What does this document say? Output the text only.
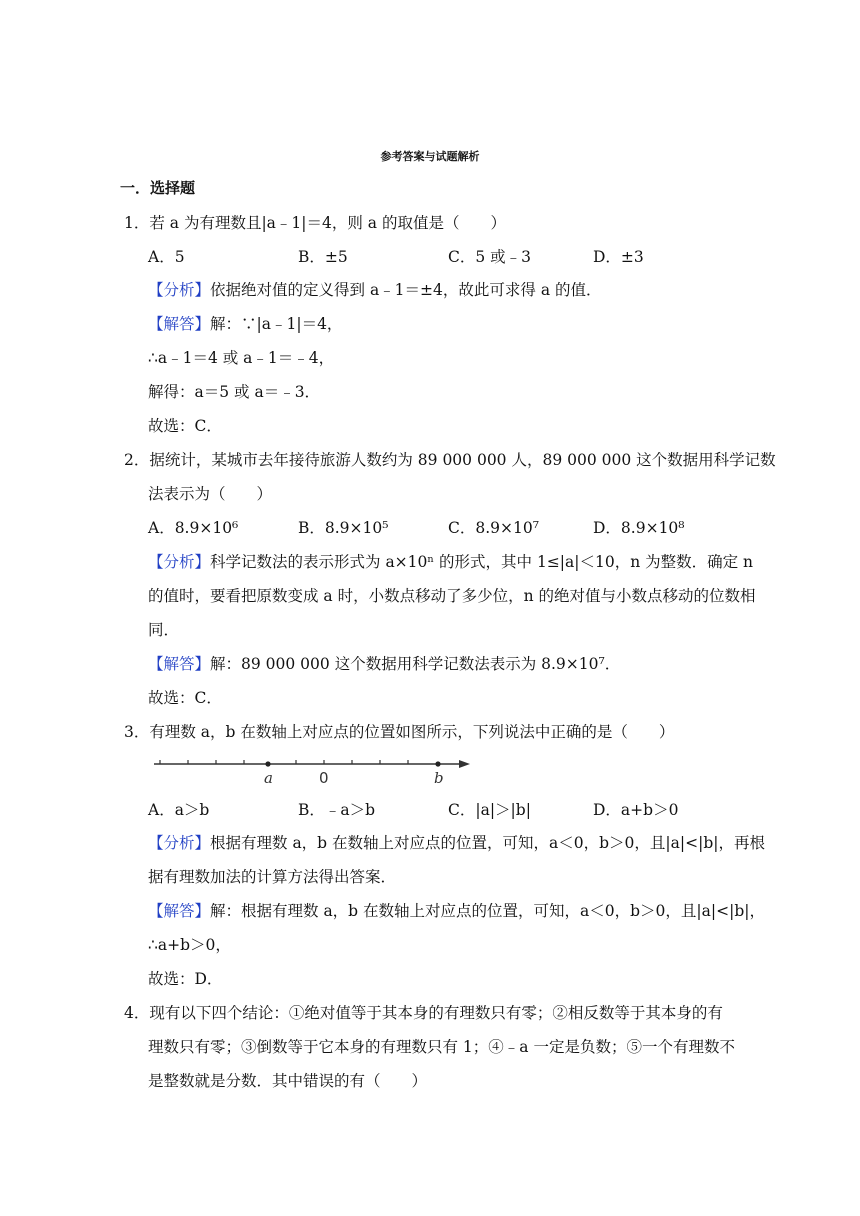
参考答案与试题解析
一．选择题
1．若 a 为有理数且|a﹣1|＝4，则 a 的取值是（　　）
A．5	B．±5	C．5 或﹣3	D．±3
【分析】依据绝对值的定义得到 a﹣1＝±4，故此可求得 a 的值．
【解答】解：∵|a﹣1|＝4，
∴a﹣1＝4 或 a﹣1＝﹣4，
解得：a＝5 或 a＝﹣3．
故选：C．
2．据统计，某城市去年接待旅游人数约为 89 000 000 人，89 000 000 这个数据用科学记数
法表示为（　　）
A．8.9×10⁶	B．8.9×10⁵	C．8.9×10⁷	D．8.9×10⁸
【分析】科学记数法的表示形式为 a×10ⁿ 的形式，其中 1≤|a|＜10，n 为整数．确定 n
的值时，要看把原数变成 a 时，小数点移动了多少位，n 的绝对值与小数点移动的位数相
同．
【解答】解：89 000 000 这个数据用科学记数法表示为 8.9×10⁷．
故选：C．
3．有理数 a，b 在数轴上对应点的位置如图所示，下列说法中正确的是（　　）
a	0	b
A．a＞b	B．﹣a＞b	C．|a|＞|b|	D．a+b＞0
【分析】根据有理数 a，b 在数轴上对应点的位置，可知，a＜0，b＞0，且|a|<|b|，再根
据有理数加法的计算方法得出答案．
【解答】解：根据有理数 a，b 在数轴上对应点的位置，可知，a＜0，b＞0，且|a|<|b|，
∴a+b＞0，
故选：D．
4．现有以下四个结论：①绝对值等于其本身的有理数只有零；②相反数等于其本身的有
理数只有零；③倒数等于它本身的有理数只有 1；④﹣a 一定是负数；⑤一个有理数不
是整数就是分数．其中错误的有（　　）
